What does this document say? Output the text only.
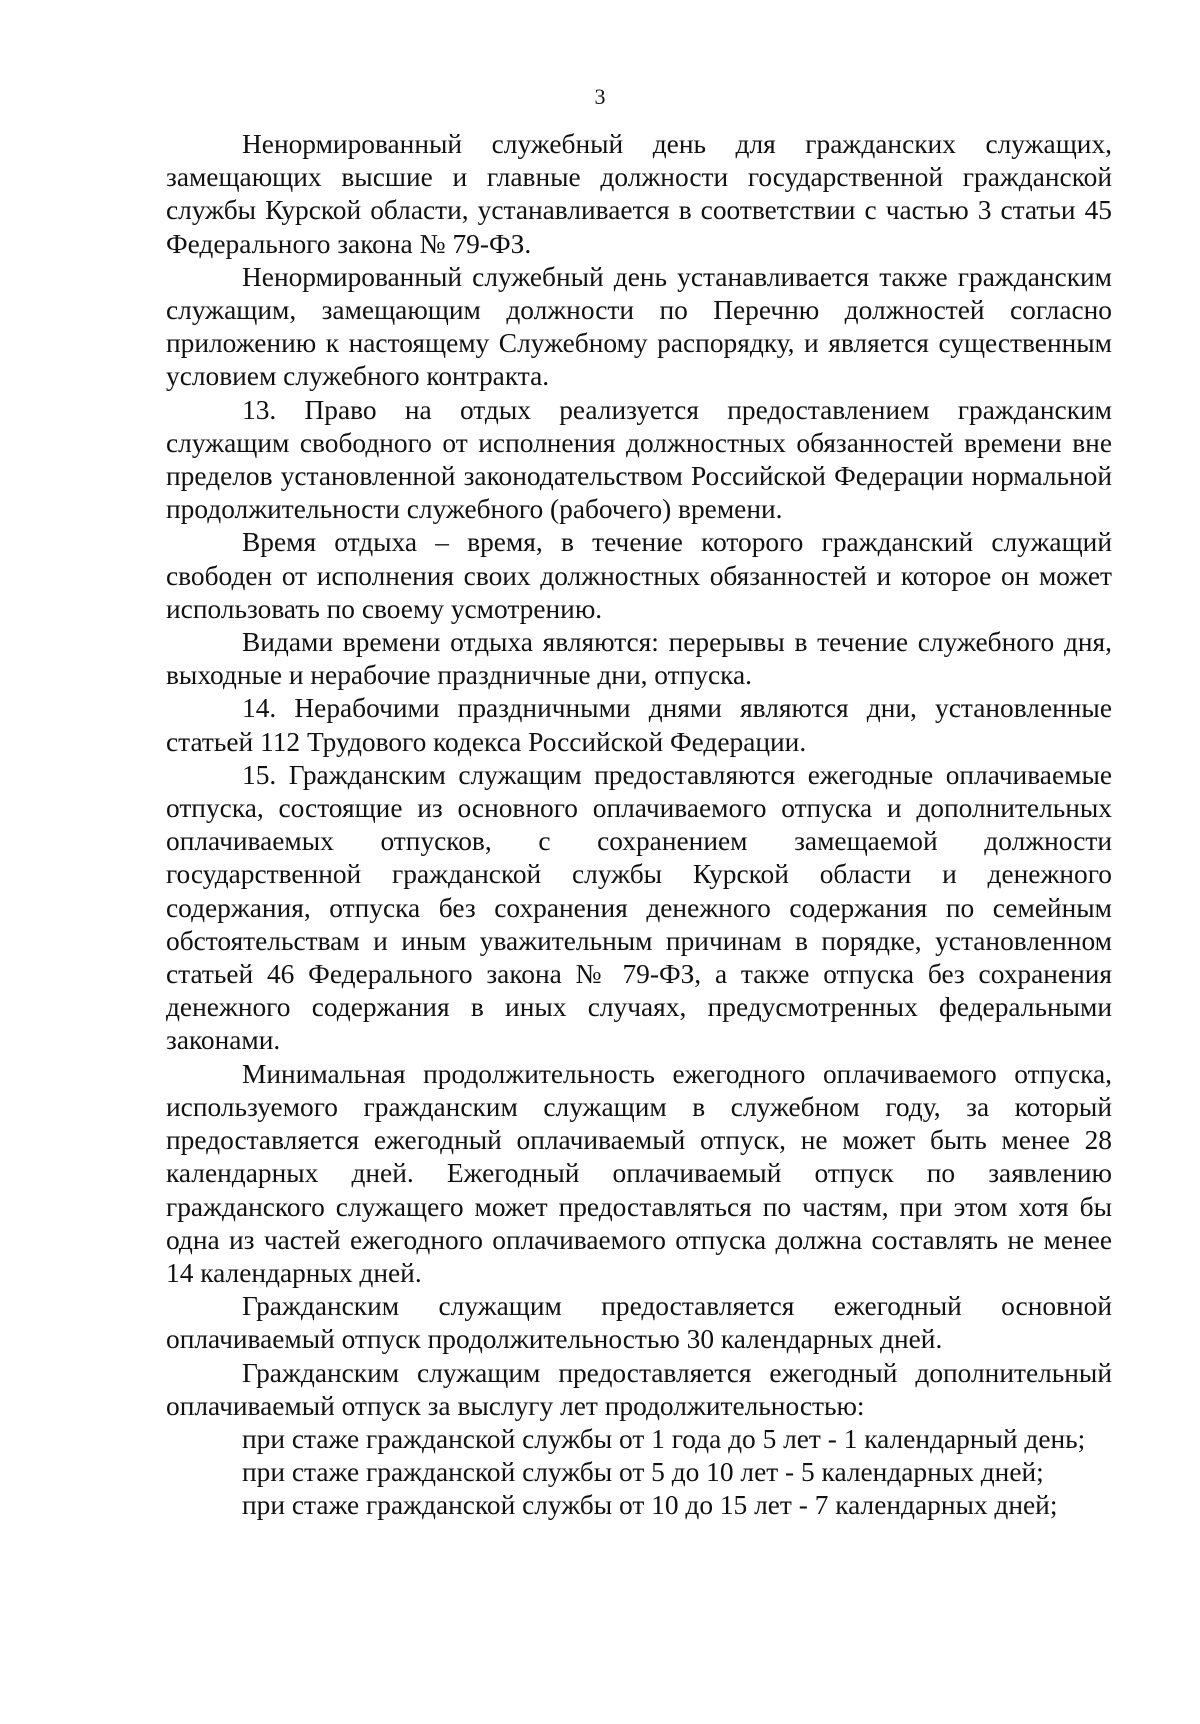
3

Ненормированный служебный день для гражданских служащих, замещающих высшие и главные должности государственной гражданской службы Курской области, устанавливается в соответствии с частью 3 статьи 45 Федерального закона № 79-ФЗ.

Ненормированный служебный день устанавливается также гражданским служащим, замещающим должности по Перечню должностей согласно приложению к настоящему Служебному распорядку, и является существенным условием служебного контракта.

13. Право на отдых реализуется предоставлением гражданским служащим свободного от исполнения должностных обязанностей времени вне пределов установленной законодательством Российской Федерации нормальной продолжительности служебного (рабочего) времени.

Время отдыха – время, в течение которого гражданский служащий свободен от исполнения своих должностных обязанностей и которое он может использовать по своему усмотрению.

Видами времени отдыха являются: перерывы в течение служебного дня, выходные и нерабочие праздничные дни, отпуска.

14. Нерабочими праздничными днями являются дни, установленные статьей 112 Трудового кодекса Российской Федерации.

15. Гражданским служащим предоставляются ежегодные оплачиваемые отпуска, состоящие из основного оплачиваемого отпуска и дополнительных оплачиваемых отпусков, с сохранением замещаемой должности государственной гражданской службы Курской области и денежного содержания, отпуска без сохранения денежного содержания по семейным обстоятельствам и иным уважительным причинам в порядке, установленном статьей 46 Федерального закона № 79-ФЗ, а также отпуска без сохранения денежного содержания в иных случаях, предусмотренных федеральными законами.

Минимальная продолжительность ежегодного оплачиваемого отпуска, используемого гражданским служащим в служебном году, за который предоставляется ежегодный оплачиваемый отпуск, не может быть менее 28 календарных дней. Ежегодный оплачиваемый отпуск по заявлению гражданского служащего может предоставляться по частям, при этом хотя бы одна из частей ежегодного оплачиваемого отпуска должна составлять не менее 14 календарных дней.

Гражданским служащим предоставляется ежегодный основной оплачиваемый отпуск продолжительностью 30 календарных дней.

Гражданским служащим предоставляется ежегодный дополнительный оплачиваемый отпуск за выслугу лет продолжительностью:

при стаже гражданской службы от 1 года до 5 лет - 1 календарный день;

при стаже гражданской службы от 5 до 10 лет - 5 календарных дней;

при стаже гражданской службы от 10 до 15 лет - 7 календарных дней;
